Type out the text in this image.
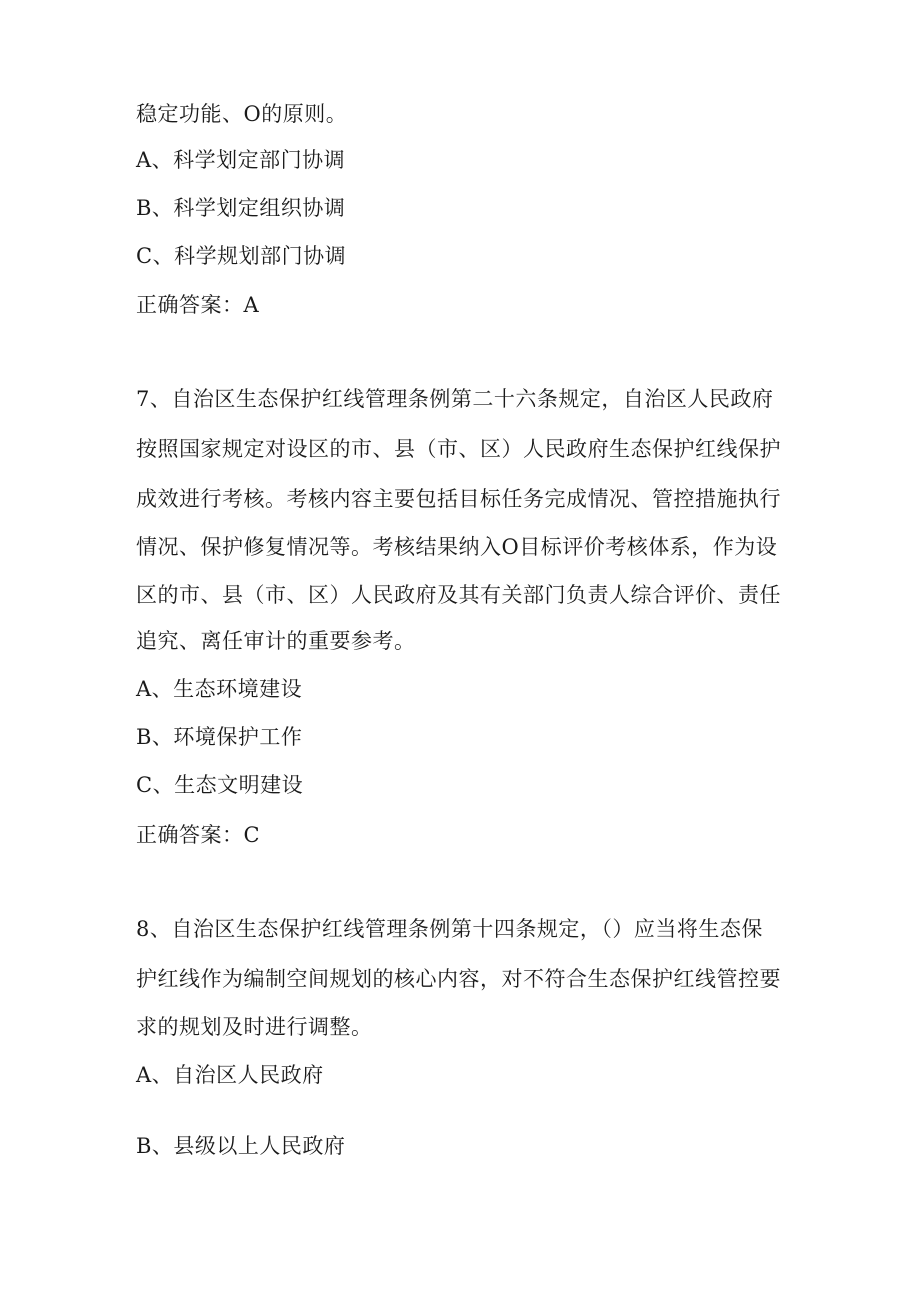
稳定功能、O的原则。
A、科学划定部门协调
B、科学划定组织协调
C、科学规划部门协调
正确答案：A
7、自治区生态保护红线管理条例第二十六条规定，自治区人民政府
按照国家规定对设区的市、县（市、区）人民政府生态保护红线保护
成效进行考核。考核内容主要包括目标任务完成情况、管控措施执行
情况、保护修复情况等。考核结果纳入O目标评价考核体系，作为设
区的市、县（市、区）人民政府及其有关部门负责人综合评价、责任
追究、离任审计的重要参考。
A、生态环境建设
B、环境保护工作
C、生态文明建设
正确答案：C
8、自治区生态保护红线管理条例第十四条规定，（）应当将生态保
护红线作为编制空间规划的核心内容，对不符合生态保护红线管控要
求的规划及时进行调整。
A、自治区人民政府
B、县级以上人民政府
